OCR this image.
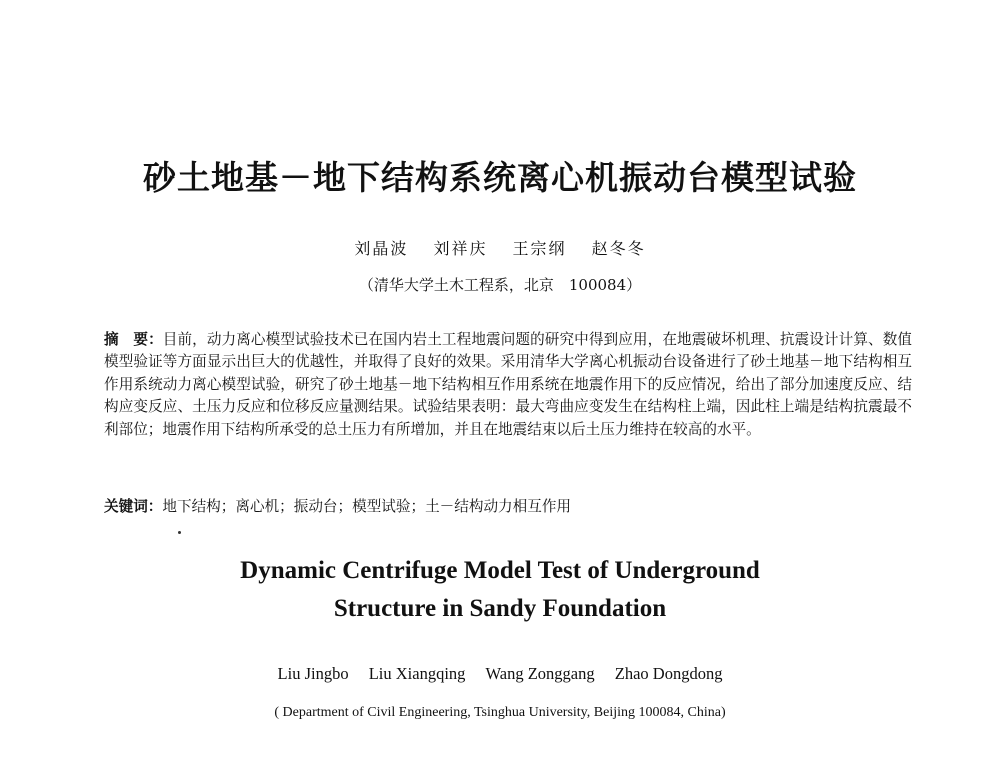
砂土地基－地下结构系统离心机振动台模型试验
刘晶波 刘祥庆 王宗纲 赵冬冬
（清华大学土木工程系，北京　100084）
摘　要：目前，动力离心模型试验技术已在国内岩土工程地震问题的研究中得到应用，在地震破坏机理、抗震设计计算、数值模型验证等方面显示出巨大的优越性，并取得了良好的效果。采用清华大学离心机振动台设备进行了砂土地基－地下结构相互作用系统动力离心模型试验，研究了砂土地基－地下结构相互作用系统在地震作用下的反应情况，给出了部分加速度反应、结构应变反应、土压力反应和位移反应量测结果。试验结果表明：最大弯曲应变发生在结构柱上端，因此柱上端是结构抗震最不利部位；地震作用下结构所承受的总土压力有所增加，并且在地震结束以后土压力维持在较高的水平。
关键词：地下结构；离心机；振动台；模型试验；土－结构动力相互作用
Dynamic Centrifuge Model Test of Underground
Structure in Sandy Foundation
Liu Jingbo Liu Xiangqing Wang Zonggang Zhao Dongdong
( Department of Civil Engineering, Tsinghua University, Beijing 100084, China)
